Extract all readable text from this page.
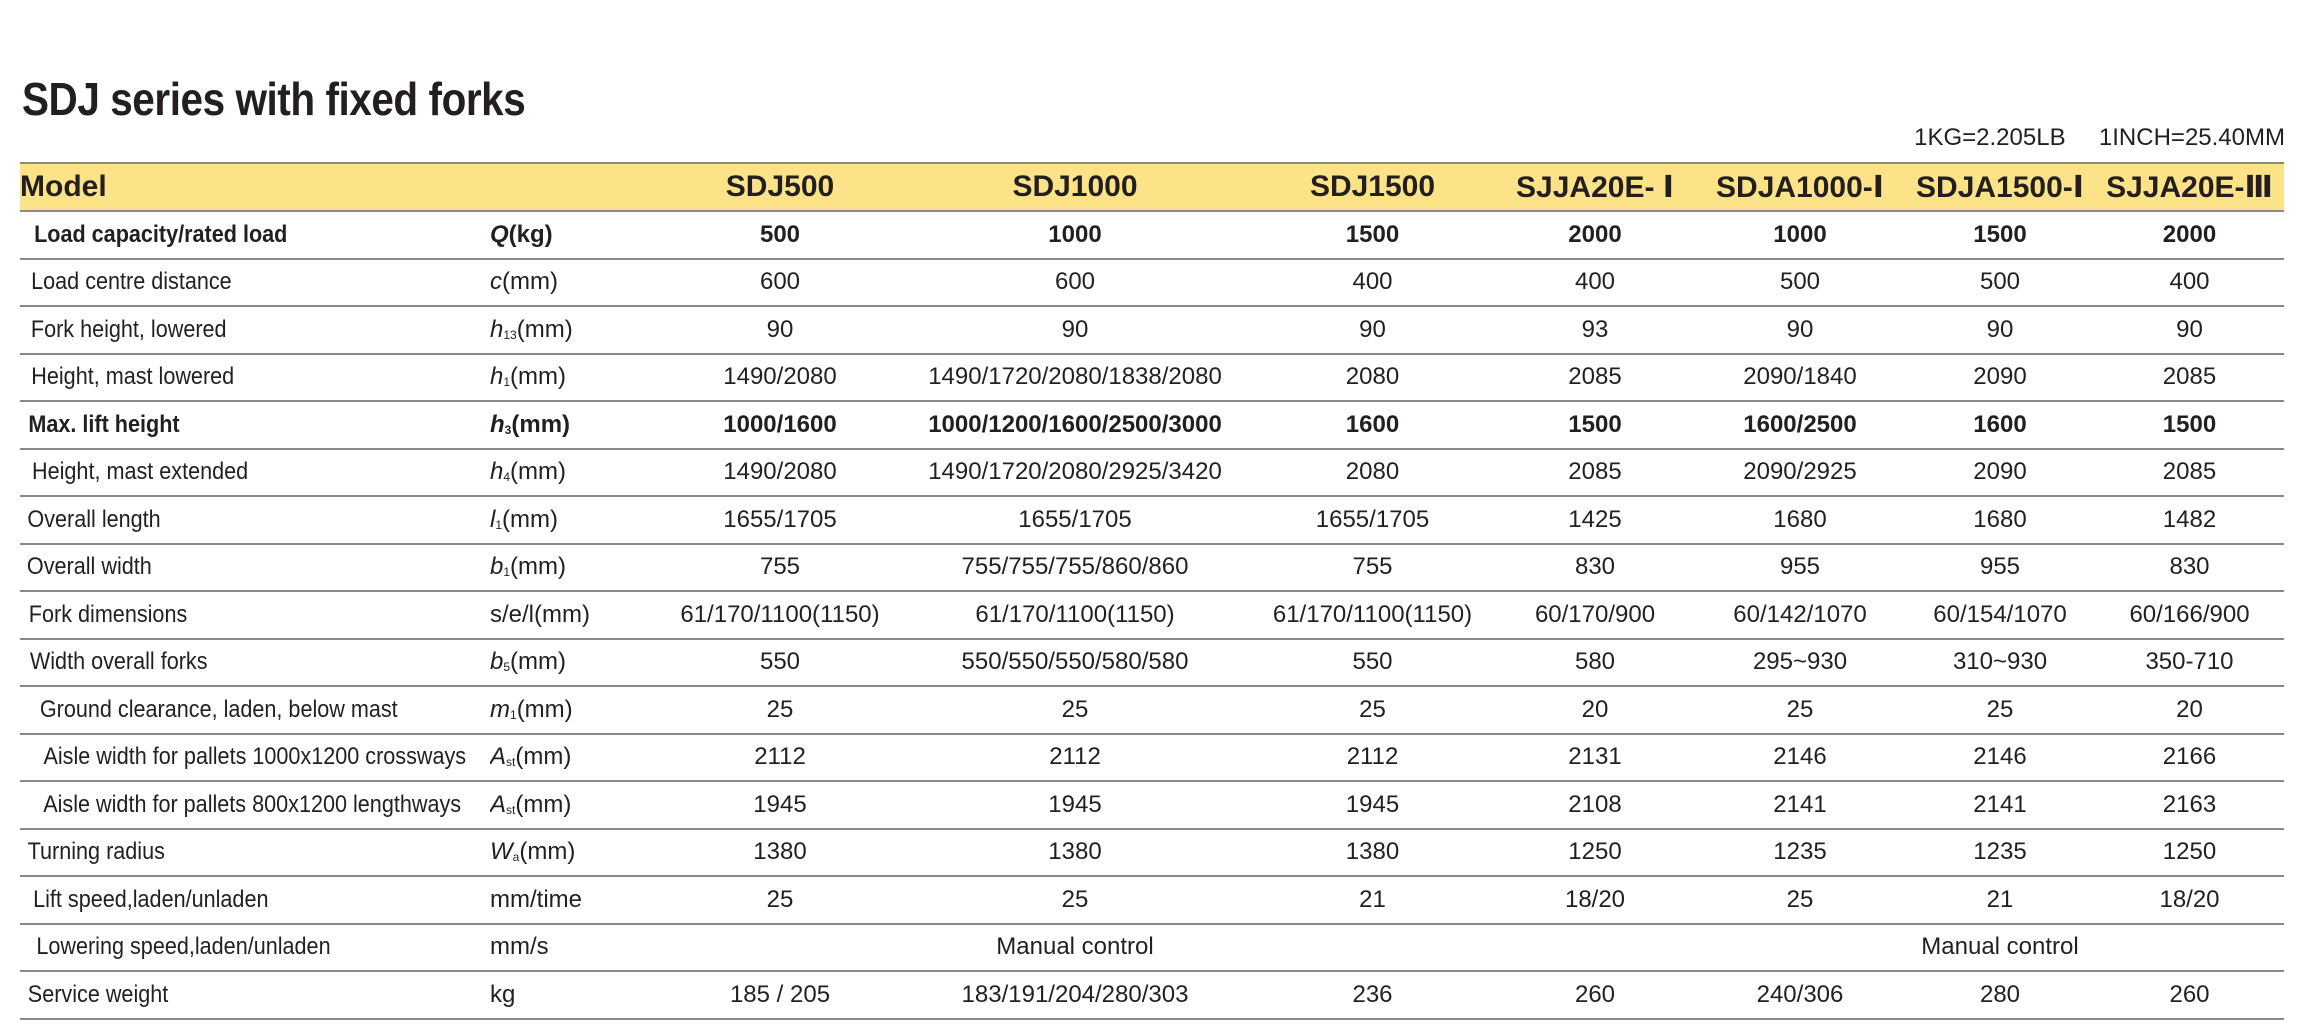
SDJ series with fixed forks
1KG=2.205LB     1INCH=25.40MM
Model		SDJ500	SDJ1000	SDJ1500	SJJA20E- Ⅰ	SDJA1000-Ⅰ	SDJA1500-Ⅰ	SJJA20E-Ⅲ
Load capacity/rated load	Q(kg)	500	1000	1500	2000	1000	1500	2000
Load centre distance	c(mm)	600	600	400	400	500	500	400
Fork height, lowered	$h_{13}(mm)$	90	90	90	93	90	90	90
Height, mast lowered	$h_1(mm)$	1490/2080	1490/1720/2080/1838/2080	2080	2085	2090/1840	2090	2085
Max. lift height	$h_3(mm)$	1000/1600	1000/1200/1600/2500/3000	1600	1500	1600/2500	1600	1500
Height, mast extended	$h_4(mm)$	1490/2080	1490/1720/2080/2925/3420	2080	2085	2090/2925	2090	2085
Overall length	$l_1(mm)$	1655/1705	1655/1705	1655/1705	1425	1680	1680	1482
Overall width	$b_1(mm)$	755	755/755/755/860/860	755	830	955	955	830
Fork dimensions	s/e/l(mm)	61/170/1100(1150)	61/170/1100(1150)	61/170/1100(1150)	60/170/900	60/142/1070	60/154/1070	60/166/900
Width overall forks	$b_5(mm)$	550	550/550/550/580/580	550	580	295~930	310~930	350-710
Ground clearance, laden, below mast	$m_1(mm)$	25	25	25	20	25	25	20
Aisle width for pallets 1000x1200 crossways	$A_{st}(mm)$	2112	2112	2112	2131	2146	2146	2166
Aisle width for pallets 800x1200 lengthways	$A_{st}(mm)$	1945	1945	1945	2108	2141	2141	2163
Turning radius	$W_a(mm)$	1380	1380	1380	1250	1235	1235	1250
Lift speed,laden/unladen	mm/time	25	25	21	18/20	25	21	18/20
Lowering speed,laden/unladen	mm/s		Manual control				Manual control	
Service weight	kg	185 / 205	183/191/204/280/303	236	260	240/306	280	260
